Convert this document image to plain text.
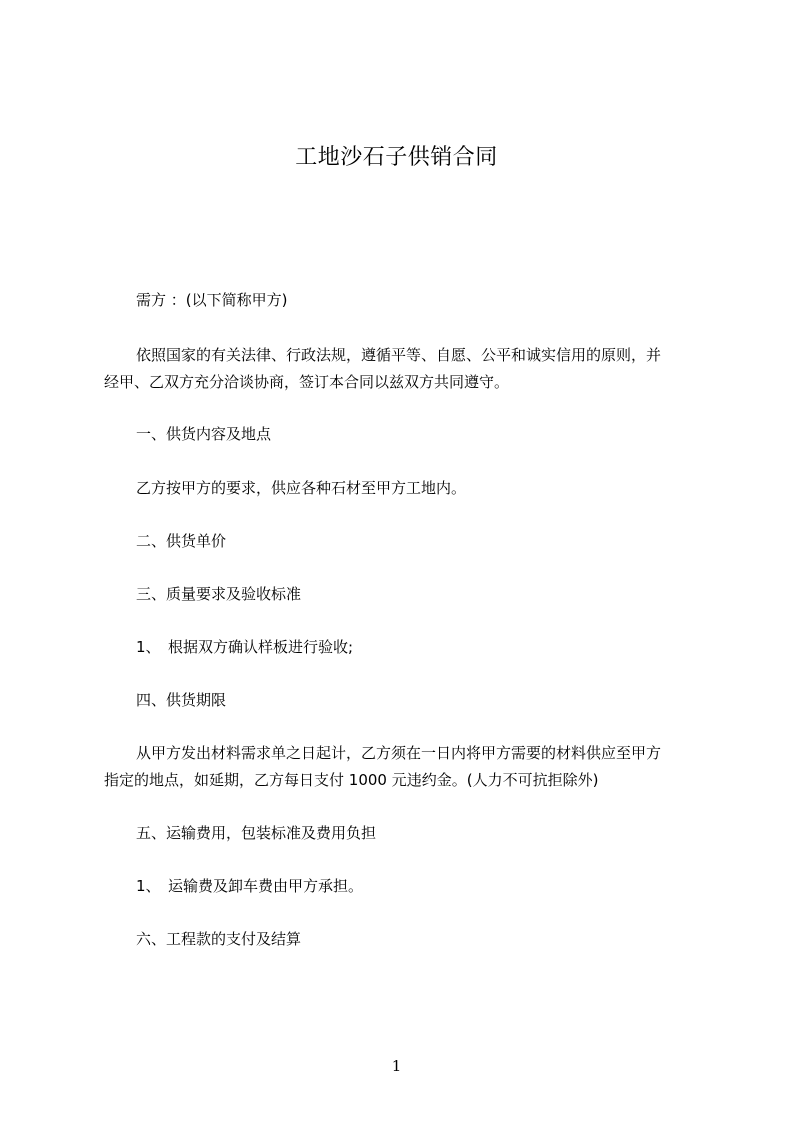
工地沙石子供销合同
需方 ：(以下简称甲方)
依照国家的有关法律、行政法规，遵循平等、自愿、公平和诚实信用的原则，并
经甲、乙双方充分洽谈协商，签订本合同以兹双方共同遵守。
一、供货内容及地点
乙方按甲方的要求，供应各种石材至甲方工地内。
二、供货单价
三、质量要求及验收标准
1、 根据双方确认样板进行验收;
四、供货期限
从甲方发出材料需求单之日起计，乙方须在一日内将甲方需要的材料供应至甲方
指定的地点，如延期，乙方每日支付 1000 元违约金。(人力不可抗拒除外)
五、运输费用，包装标准及费用负担
1、 运输费及卸车费由甲方承担。
六、工程款的支付及结算
1
